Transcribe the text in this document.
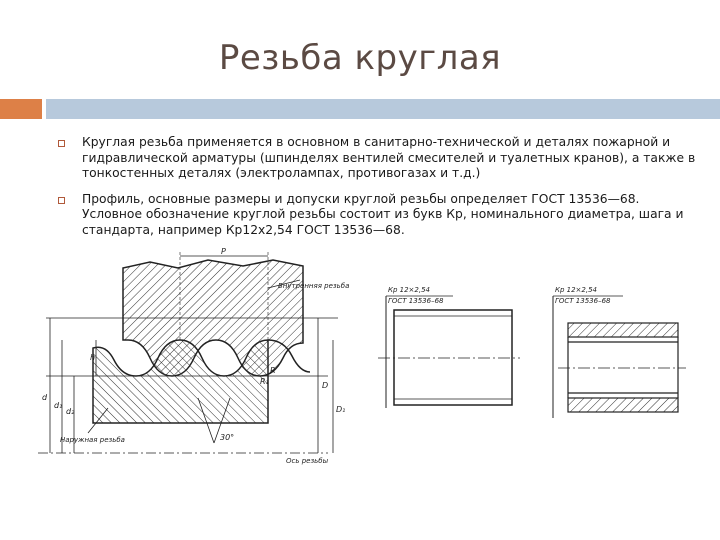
Резьба круглая
Круглая резьба применяется в основном в санитарно-технической и деталях пожарной и гидравлической арматуры (шпинделях вентилей смесителей и туалетных кранов), а также в тонкостенных деталях (электролампах, противогазах и т.д.)
Профиль, основные размеры и допуски круглой резьбы определяет ГОСТ 13536—68. Условное обозначение круглой резьбы состоит из букв Кр, номинального диаметра, шага и стандарта, например Кр12х2,54 ГОСТ 13536—68.
P
Внутренняя резьба
Наружная резьба
Ось резьбы
30°
h
d
d₁
d₂
D
D₁
R
R₁
Кр 12×2,54
ГОСТ 13536–68
Кр 12×2,54
ГОСТ 13536–68
